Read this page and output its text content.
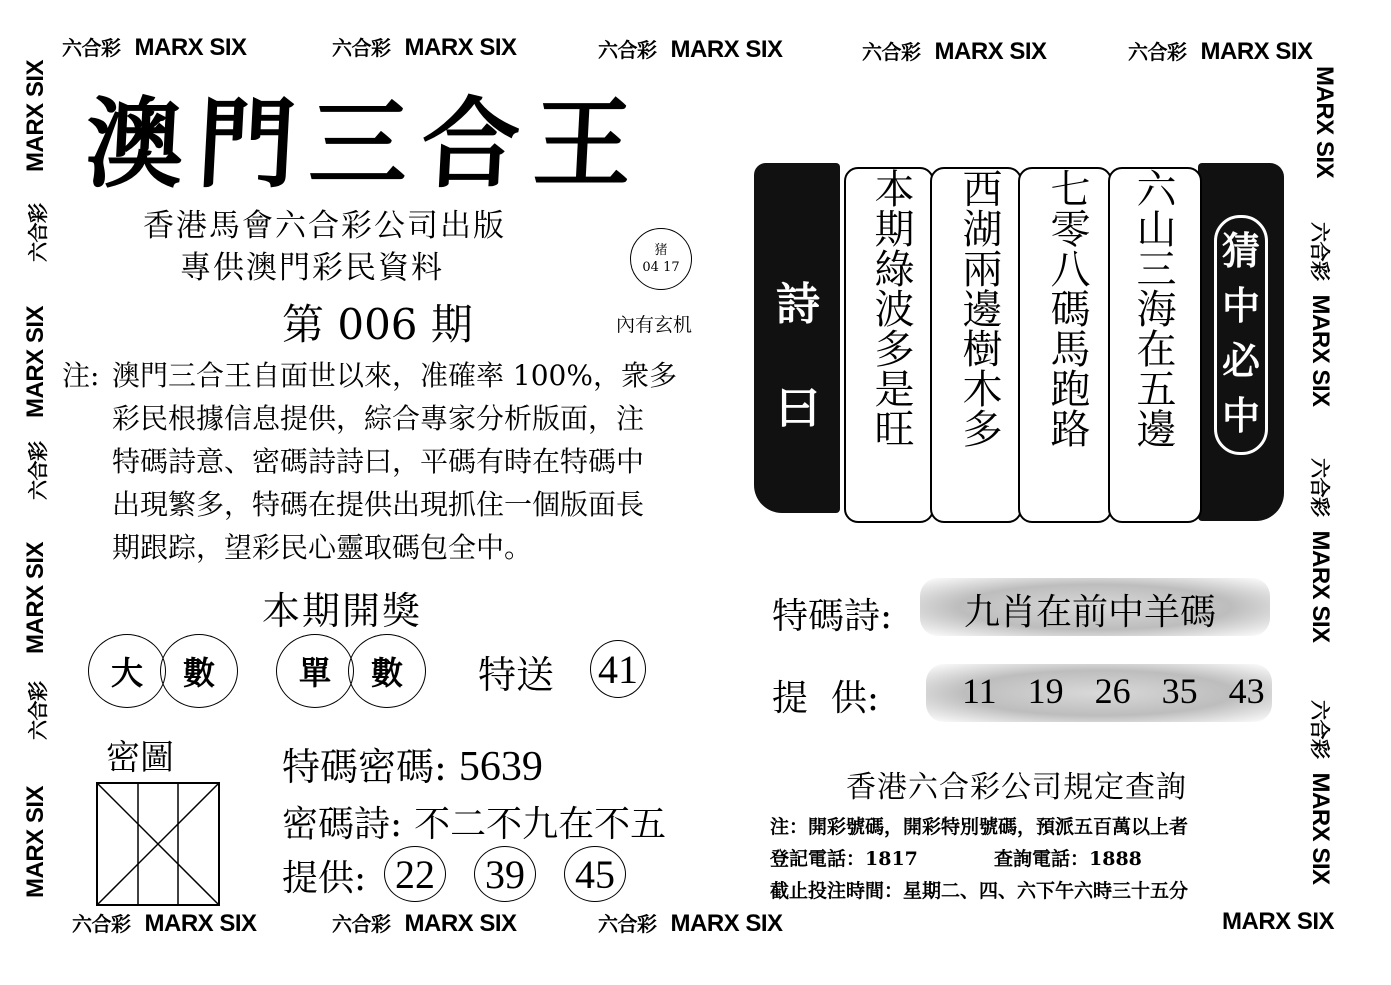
六合彩 MARX SIX	六合彩 MARX SIX	六合彩 MARX SIX	六合彩 MARX SIX	六合彩 MARX SIX
六合彩 MARX SIX	六合彩 MARX SIX	六合彩 MARX SIX	MARX SIX
MARX SIX
六合彩
MARX SIX
六合彩
MARX SIX
六合彩
MARX SIX
MARX SIX
六合彩MARX SIX
六合彩MARX SIX
六合彩MARX SIX
澳門三合王
香港馬會六合彩公司出版
專供澳門彩民資料	猪
04 17
第 006 期	內有玄机
注: 澳門三合王自面世以來，准確率 100%，衆多
彩民根據信息提供，綜合專家分析版面，注
特碼詩意、密碼詩詩曰，平碼有時在特碼中
出現繁多，特碼在提供出現抓住一個版面長
期跟踪，望彩民心靈取碼包全中。
本期開獎
大	數	單	數	特送 41
密圖	特碼密碼: 5639
密碼詩: 不二不九在不五
提供: 22 39 45
詩曰
猜中必中
六山三海在五邊
七零八碼馬跑路
西湖兩邊樹木多
本期綠波多是旺
特碼詩: 九肖在前中羊碼
提  供: 11 19 26 35 43
香港六合彩公司規定查詢
注：開彩號碼，開彩特別號碼，預派五百萬以上者
登記電話：1817	查詢電話：1888
截止投注時間：星期二、四、六下午六時三十五分
